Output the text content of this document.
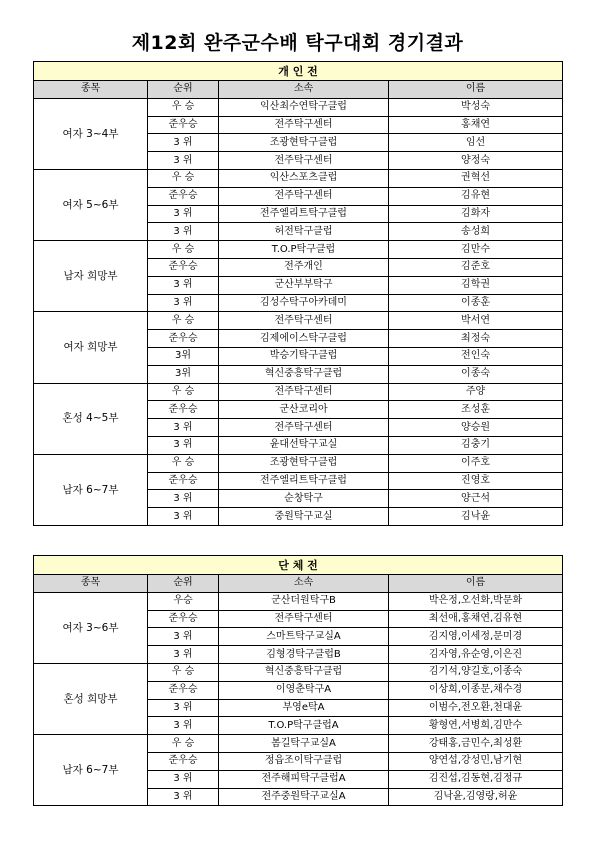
제12회 완주군수배 탁구대회 경기결과
개 인 전			
종목	순위	소속	이름
여자 3~4부	우 승	익산최수연탁구클럽	박성숙
	준우승	전주탁구센터	홍채연
	3 위	조광현탁구클럽	임선
	3 위	전주탁구센터	양정숙
여자 5~6부	우 승	익산스포츠클럽	권혁선
	준우승	전주탁구센터	김유현
	3 위	전주엘리트탁구클럽	김화자
	3 위	허전탁구클럽	송성희
남자 희망부	우 승	T.O.P탁구클럽	김만수
	준우승	전주개인	김준호
	3 위	군산부부탁구	김학권
	3 위	김성수탁구아카데미	이종훈
여자 희망부	우 승	전주탁구센터	박서연
	준우승	김제에이스탁구클럽	최정숙
	3위	박승기탁구클럽	전인숙
	3위	혁신중흥탁구클럽	이종숙
혼성 4~5부	우 승	전주탁구센터	주양
	준우승	군산코리아	조성훈
	3 위	전주탁구센터	양승원
	3 위	윤대선탁구교실	김충기
남자 6~7부	우 승	조광현탁구클럽	이주호
	준우승	전주엘리트탁구클럽	진영호
	3 위	순창탁구	양근석
	3 위	중원탁구교실	김낙윤
단 체 전			
종목	순위	소속	이름
여자 3~6부	우승	군산더원탁구B	박은정,오선화,박문화
	준우승	전주탁구센터	최선애,홍채연,김유현
	3 위	스마트탁구교실A	김지영,이세정,문미경
	3 위	김형경탁구클럽B	김자영,유순영,이은진
혼성 희망부	우 승	혁신중흥탁구클럽	김기석,양길호,이종숙
	준우승	이영춘탁구A	이상희,이종문,채수경
	3 위	부영e탁A	이범수,전오환,천대윤
	3 위	T.O.P탁구클럽A	황형연,서병희,김만수
남자 6~7부	우 승	봄길탁구교실A	강태홍,금민수,최성환
	준우승	정읍조이탁구클럽	양연섭,강성민,남기현
	3 위	전주해피탁구클럽A	김진섭,김동현,김정규
	3 위	전주중원탁구교실A	김낙윤,김영랑,허윤
